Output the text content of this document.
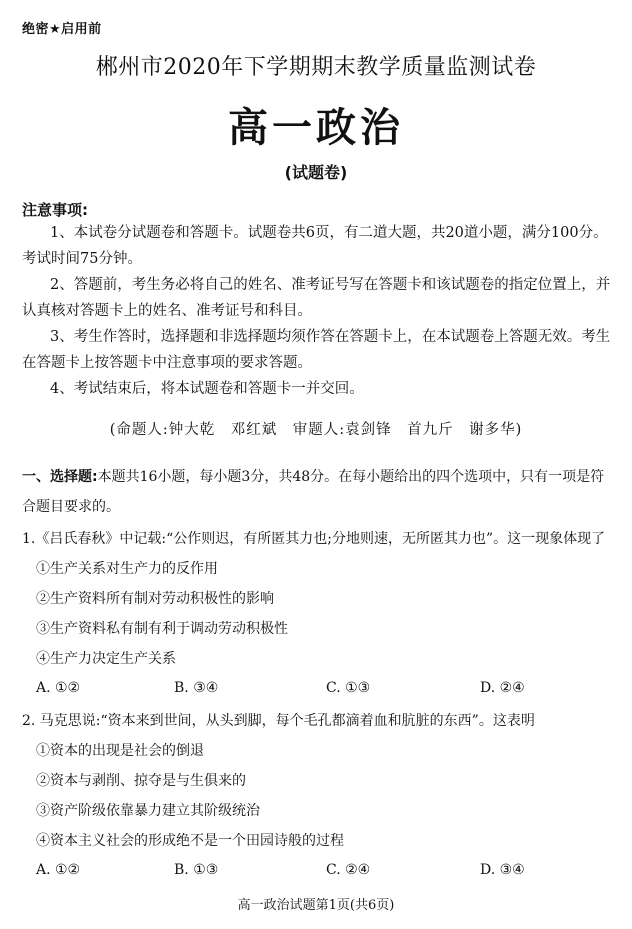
绝密★启用前
郴州市2020年下学期期末教学质量监测试卷
高一政治
(试题卷)
注意事项:
1、本试卷分试题卷和答题卡。试题卷共6页，有二道大题，共20道小题，满分100分。考试时间75分钟。
2、答题前，考生务必将自己的姓名、准考证号写在答题卡和该试题卷的指定位置上，并认真核对答题卡上的姓名、准考证号和科目。
3、考生作答时，选择题和非选择题均须作答在答题卡上，在本试题卷上答题无效。考生在答题卡上按答题卡中注意事项的要求答题。
4、考试结束后，将本试题卷和答题卡一并交回。
(命题人:钟大乾　邓红斌　审题人:袁剑锋　首九斤　谢多华)
一、选择题:本题共16小题，每小题3分，共48分。在每小题给出的四个选项中，只有一项是符合题目要求的。
1.《吕氏春秋》中记载:“公作则迟，有所匿其力也;分地则速，无所匿其力也”。这一现象体现了
①生产关系对生产力的反作用
②生产资料所有制对劳动积极性的影响
③生产资料私有制有利于调动劳动积极性
④生产力决定生产关系
A. ①②	B. ③④	C. ①③	D. ②④
2. 马克思说:“资本来到世间，从头到脚，每个毛孔都滴着血和肮脏的东西”。这表明
①资本的出现是社会的倒退
②资本与剥削、掠夺是与生俱来的
③资产阶级依靠暴力建立其阶级统治
④资本主义社会的形成绝不是一个田园诗般的过程
A. ①②	B. ①③	C. ②④	D. ③④
高一政治试题第1页(共6页)
